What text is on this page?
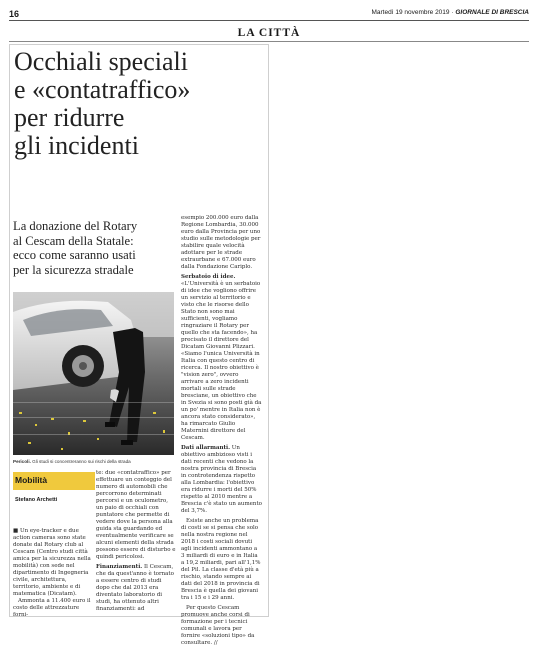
16	Martedì 19 novembre 2019 · GIORNALE DI BRESCIA
LA CITTÀ
Occhiali speciali
e «contatraffico»
per ridurre
gli incidenti
La donazione del Rotary
al Cescam della Statale:
ecco come saranno usati
per la sicurezza stradale
Pericoli. Gli studi si concentreranno sui rischi della strada
Mobilità
Stefano Archetti

■ Un eye-tracker e due action cameras sono state donate dal Rotary club al Cescam (Centro studi città amica per la sicurezza nella mobilità) con sede nel dipartimento di Ingegneria civile, architettura, territorio, ambiente e di matematica (Dicatam).

Ammonta a 11.400 euro il costo delle attrezzature forni-

te: due «contatraffico» per effettuare un conteggio del numero di automobili che percorrono determinati percorsi e un oculometro, un paio di occhiali con puntatore che permette di vedere dove la persona alla guida sta guardando ed eventualmente verificare se alcuni elementi della strada possono essere di disturbo e quindi pericolosi.

Finanziamenti. Il Cescam, che da quest'anno è tornato a essere centro di studi dopo che dal 2013 era diventato laboratorio di studi, ha ottenuto altri finanziamenti: ad

esempio 200.000 euro dalla Regione Lombardia, 30.000 euro dalla Provincia per uno studio sulle metodologie per stabilire quale velocità adottare per le strade extraurbane e 67.000 euro dalla Fondazione Cariplo.

Serbatoio di idee. «L'Università è un serbatoio di idee che vogliono offrire un servizio al territorio e visto che le risorse dello Stato non sono mai sufficienti, vogliamo ringraziare il Rotary per quello che sta facendo», ha precisato il direttore del Dicatam Giovanni Plizzari. «Siamo l'unica Università in Italia con questo centro di ricerca. Il nostro obiettivo è "vision zero", ovvero arrivare a zero incidenti mortali sulle strade bresciane, un obiettivo che in Svezia si sono posti già da un po' mentre in Italia non è ancora stato considerato», ha rimarcato Giulio Maternini direttore del Cescam.

Dati allarmanti. Un obiettivo ambizioso visti i dati recenti che vedono la nostra provincia di Brescia in controtendenza rispetto alla Lombardia: l'obiettivo era ridurre i morti del 50% rispetto al 2010 mentre a Brescia c'è stato un aumento del 3,7%.

Esiste anche un problema di costi se si pensa che solo nella nostra regione nel 2018 i costi sociali dovuti agli incidenti ammontano a 3 miliardi di euro e in Italia a 19,2 miliardi, pari all'1,1% del Pil. La classe d'età più a rischio, stando sempre ai dati del 2018 in provincia di Brescia è quella dei giovani tra i 15 e i 29 anni.

Per questo Cescam promuove anche corsi di formazione per i tecnici comunali e lavora per fornire «soluzioni tipo» da consultare. //
